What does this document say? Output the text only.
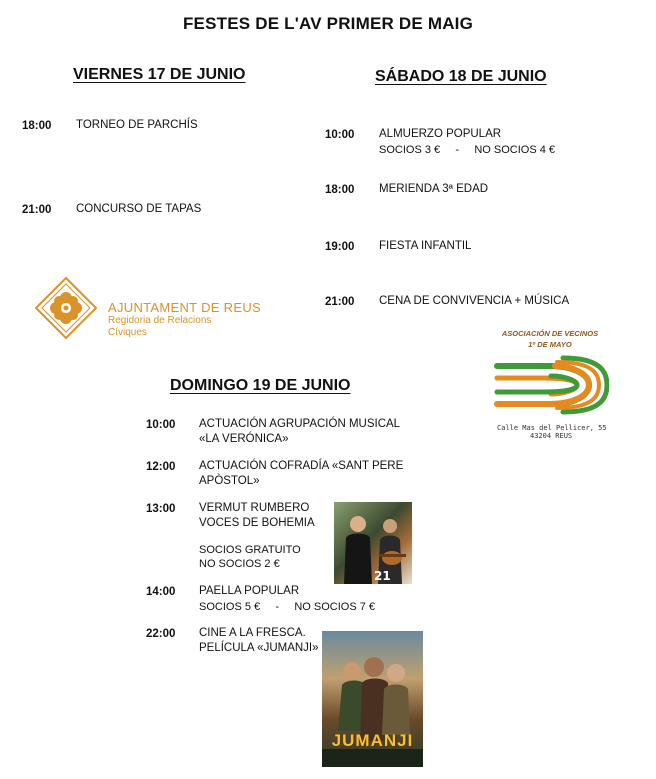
FESTES DE L'AV PRIMER DE MAIG
VIERNES 17 DE JUNIO
18:00 TORNEO DE PARCHÍS
21:00 CONCURSO DE TAPAS
SÁBADO 18 DE JUNIO
10:00 ALMUERZO POPULAR
SOCIOS 3 €     -     NO SOCIOS 4 €
18:00 MERIENDA 3ª EDAD
19:00 FIESTA INFANTIL
21:00 CENA DE CONVIVENCIA + MÚSICA
AJUNTAMENT DE REUS
Regidoria de Relacions
Cíviques	ASOCIACIÓN DE VECINOS
1º DE MAYO
Calle Mas del Pellicer, 55
43204 REUS
DOMINGO 19 DE JUNIO
10:00 ACTUACIÓN AGRUPACIÓN MUSICAL
«LA VERÓNICA»
12:00 ACTUACIÓN COFRADÍA «SANT PERE
APÒSTOL»
13:00 VERMUT RUMBERO
VOCES DE BOHEMIA
SOCIOS GRATUITO
NO SOCIOS 2 €
21
14:00 PAELLA POPULAR
SOCIOS 5 €     -     NO SOCIOS 7 €
22:00 CINE A LA FRESCA.
PELÍCULA «JUMANJI»
JUMANJI
